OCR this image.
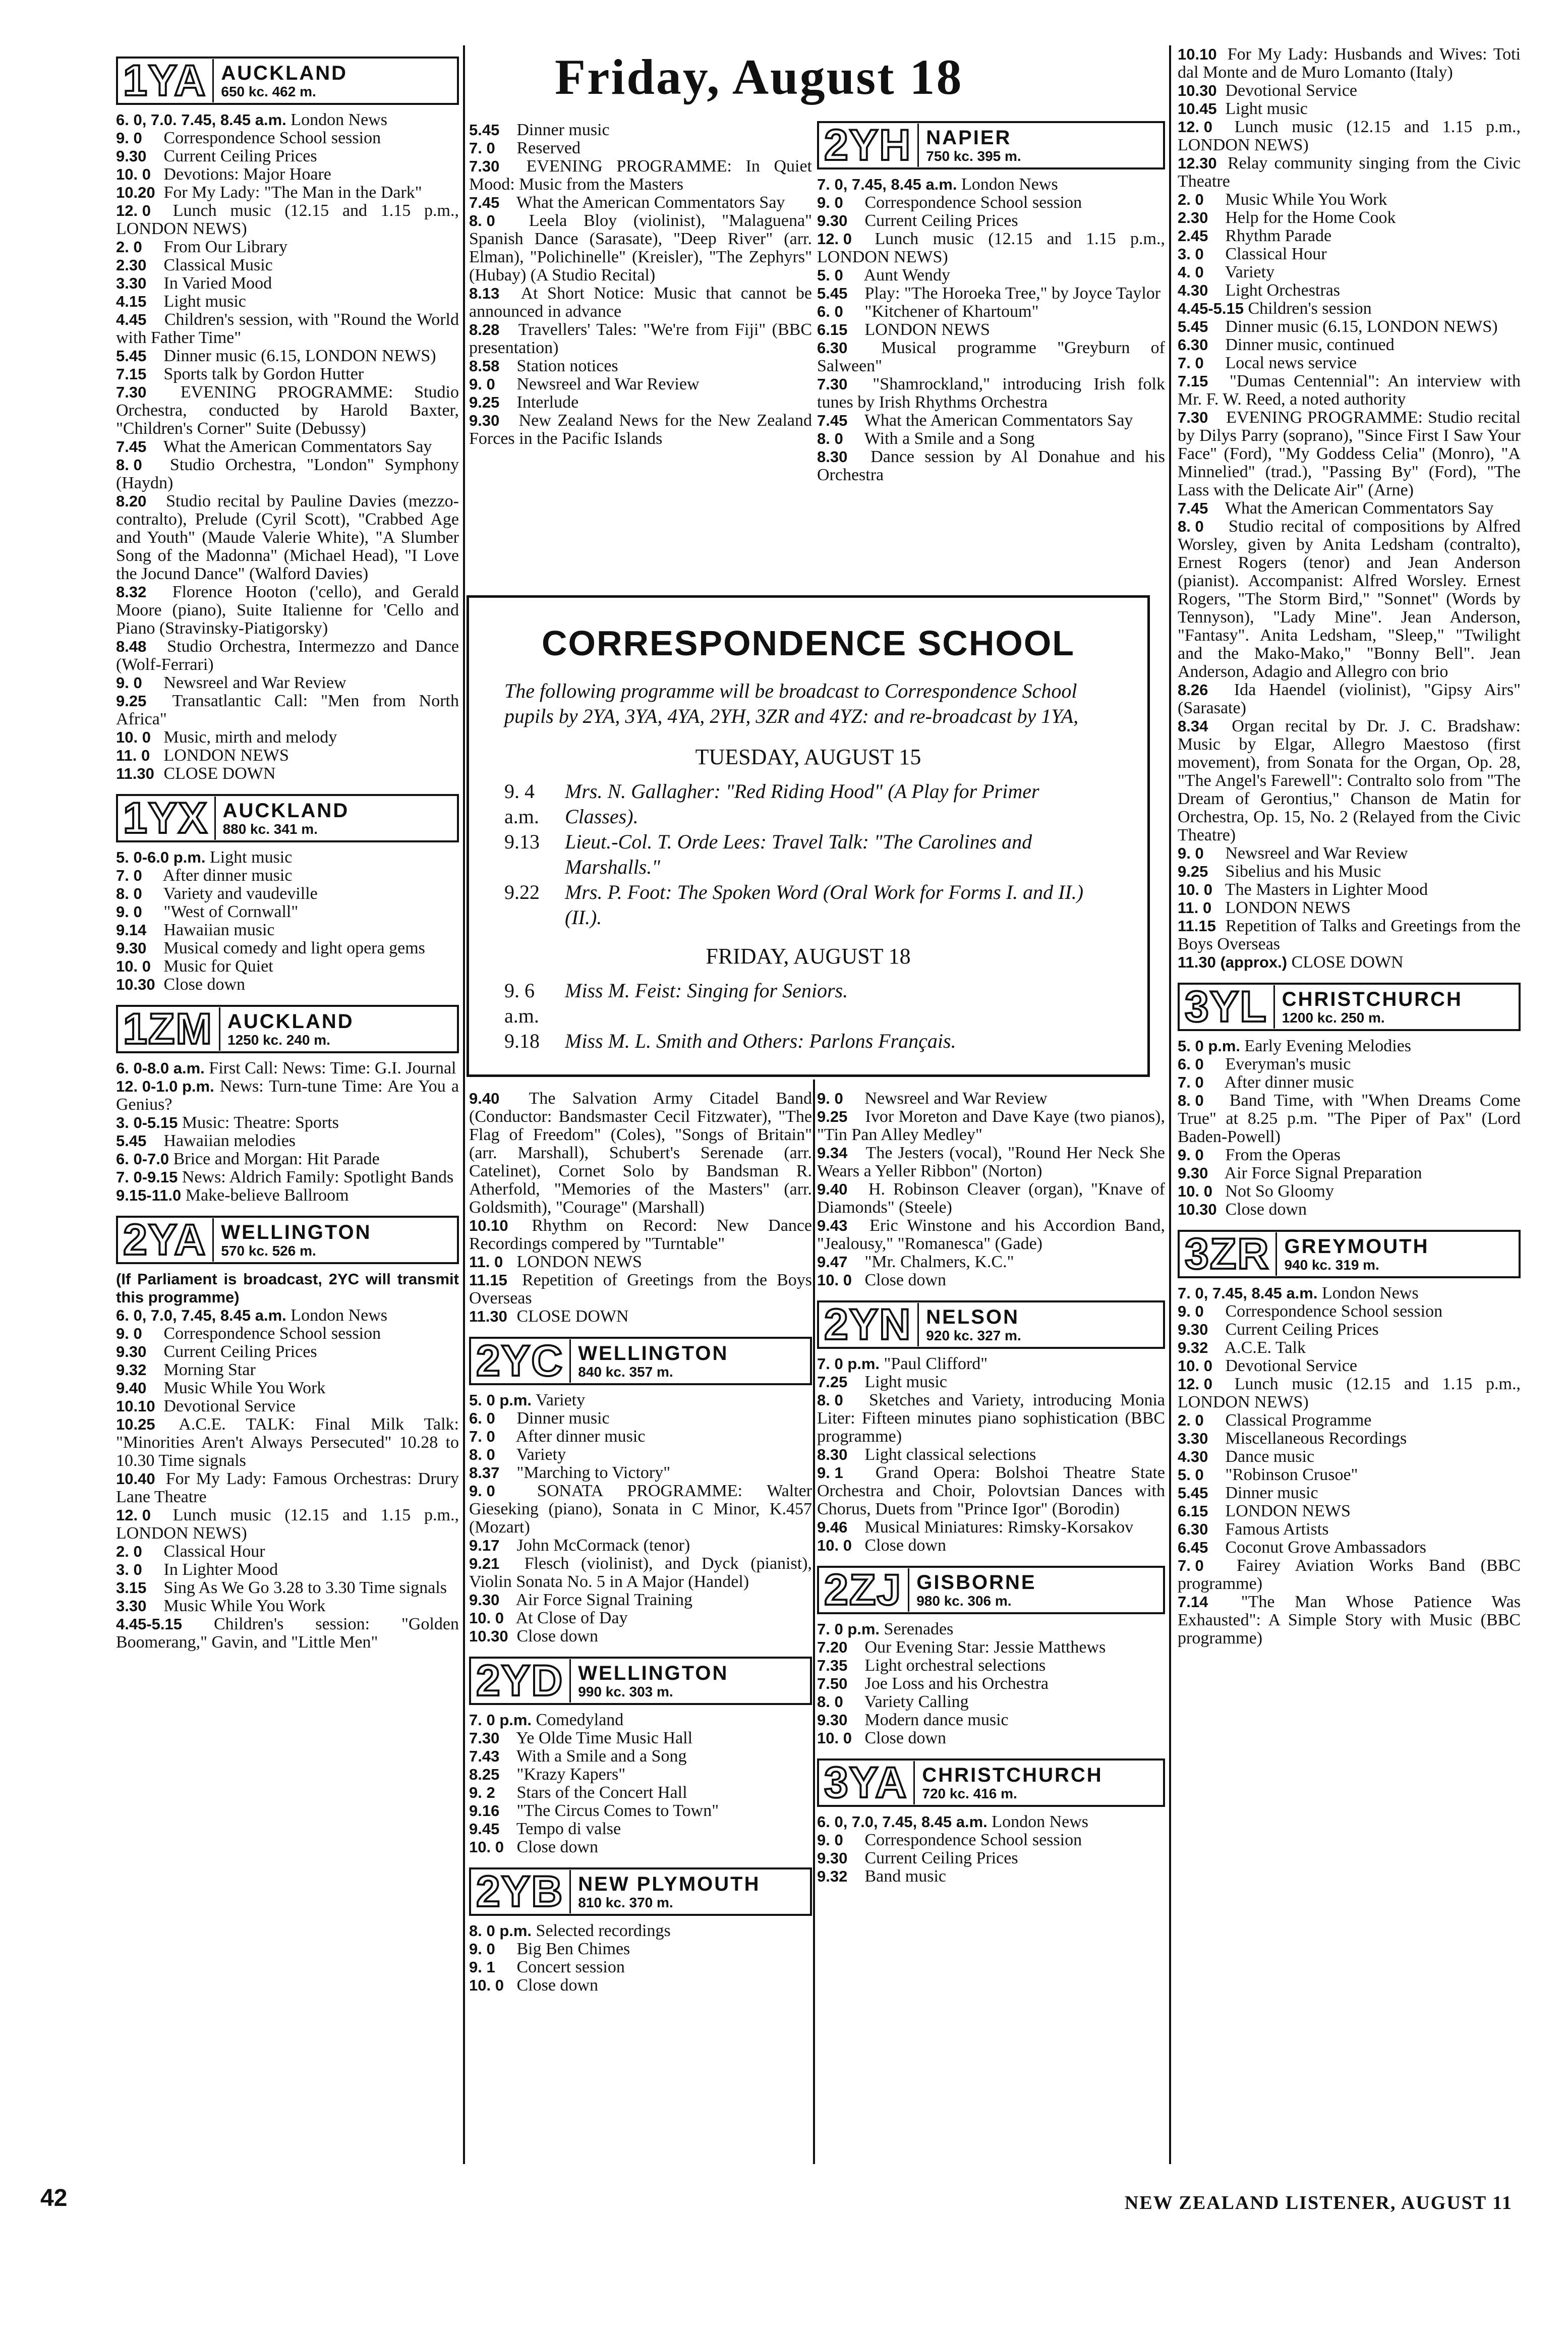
Friday, August 18
1YA AUCKLAND
650 kc. 462 m.

6. 0, 7.0. 7.45, 8.45 a.m. London News

9. 0 Correspondence School session

9.30 Current Ceiling Prices

10. 0 Devotions: Major Hoare

10.20 For My Lady: "The Man in the Dark"

12. 0 Lunch music (12.15 and 1.15 p.m., LONDON NEWS)

2. 0 From Our Library

2.30 Classical Music

3.30 In Varied Mood

4.15 Light music

4.45 Children's session, with "Round the World with Father Time"

5.45 Dinner music (6.15, LONDON NEWS)

7.15 Sports talk by Gordon Hutter

7.30 EVENING PROGRAMME: Studio Orchestra, conducted by Harold Baxter, "Children's Corner" Suite (Debussy)

7.45 What the American Commentators Say

8. 0 Studio Orchestra, "London" Symphony (Haydn)

8.20 Studio recital by Pauline Davies (mezzo-contralto), Prelude (Cyril Scott), "Crabbed Age and Youth" (Maude Valerie White), "A Slumber Song of the Madonna" (Michael Head), "I Love the Jocund Dance" (Walford Davies)

8.32 Florence Hooton ('cello), and Gerald Moore (piano), Suite Italienne for 'Cello and Piano (Stravinsky-Piatigorsky)

8.48 Studio Orchestra, Intermezzo and Dance (Wolf-Ferrari)

9. 0 Newsreel and War Review

9.25 Transatlantic Call: "Men from North Africa"

10. 0 Music, mirth and melody

11. 0 LONDON NEWS

11.30 CLOSE DOWN

1YX AUCKLAND
880 kc. 341 m.

5. 0-6.0 p.m. Light music

7. 0 After dinner music

8. 0 Variety and vaudeville

9. 0 "West of Cornwall"

9.14 Hawaiian music

9.30 Musical comedy and light opera gems

10. 0 Music for Quiet

10.30 Close down

1ZM AUCKLAND
1250 kc. 240 m.

6. 0-8.0 a.m. First Call: News: Time: G.I. Journal

12. 0-1.0 p.m. News: Turn-tune Time: Are You a Genius?

3. 0-5.15 Music: Theatre: Sports

5.45 Hawaiian melodies

6. 0-7.0 Brice and Morgan: Hit Parade

7. 0-9.15 News: Aldrich Family: Spotlight Bands

9.15-11.0 Make-believe Ballroom

2YA WELLINGTON
570 kc. 526 m.

(If Parliament is broadcast, 2YC will transmit this programme)

6. 0, 7.0, 7.45, 8.45 a.m. London News

9. 0 Correspondence School session

9.30 Current Ceiling Prices

9.32 Morning Star

9.40 Music While You Work

10.10 Devotional Service

10.25 A.C.E. TALK: Final Milk Talk: "Minorities Aren't Always Persecuted" 10.28 to 10.30 Time signals

10.40 For My Lady: Famous Orchestras: Drury Lane Theatre

12. 0 Lunch music (12.15 and 1.15 p.m., LONDON NEWS)

2. 0 Classical Hour

3. 0 In Lighter Mood

3.15 Sing As We Go 3.28 to 3.30 Time signals

3.30 Music While You Work

4.45-5.15 Children's session: "Golden Boomerang," Gavin, and "Little Men"

5.45 Dinner music

7. 0 Reserved

7.30 EVENING PROGRAMME: In Quiet Mood: Music from the Masters

7.45 What the American Commentators Say

8. 0 Leela Bloy (violinist), "Malaguena" Spanish Dance (Sarasate), "Deep River" (arr. Elman), "Polichinelle" (Kreisler), "The Zephyrs" (Hubay) (A Studio Recital)

8.13 At Short Notice: Music that cannot be announced in advance

8.28 Travellers' Tales: "We're from Fiji" (BBC presentation)

8.58 Station notices

9. 0 Newsreel and War Review

9.25 Interlude

9.30 New Zealand News for the New Zealand Forces in the Pacific Islands

2YH NAPIER
750 kc. 395 m.

7. 0, 7.45, 8.45 a.m. London News

9. 0 Correspondence School session

9.30 Current Ceiling Prices

12. 0 Lunch music (12.15 and 1.15 p.m., LONDON NEWS)

5. 0 Aunt Wendy

5.45 Play: "The Horoeka Tree," by Joyce Taylor

6. 0 "Kitchener of Khartoum"

6.15 LONDON NEWS

6.30 Musical programme "Greyburn of Salween"

7.30 "Shamrockland," introducing Irish folk tunes by Irish Rhythms Orchestra

7.45 What the American Commentators Say

8. 0 With a Smile and a Song

8.30 Dance session by Al Donahue and his Orchestra

CORRESPONDENCE SCHOOL

The following programme will be broadcast to Correspondence School pupils by 2YA, 3YA, 4YA, 2YH, 3ZR and 4YZ: and re-broadcast by 1YA,

TUESDAY, AUGUST 15

9. 4 a.m.
Mrs. N. Gallagher: "Red Riding Hood" (A Play for Primer Classes).
9.13	Lieut.-Col. T. Orde Lees: Travel Talk: "The Carolines and Marshalls."
9.22	Mrs. P. Foot: The Spoken Word (Oral Work for Forms I. and II.) (II.).

FRIDAY, AUGUST 18

9. 6 a.m.
Miss M. Feist: Singing for Seniors.
9.18	Miss M. L. Smith and Others: Parlons Français.

9.40 The Salvation Army Citadel Band (Conductor: Bandsmaster Cecil Fitzwater), "The Flag of Freedom" (Coles), "Songs of Britain" (arr. Marshall), Schubert's Serenade (arr. Catelinet), Cornet Solo by Bandsman R. Atherfold, "Memories of the Masters" (arr. Goldsmith), "Courage" (Marshall)

10.10 Rhythm on Record: New Dance Recordings compered by "Turntable"

11. 0 LONDON NEWS

11.15 Repetition of Greetings from the Boys Overseas

11.30 CLOSE DOWN

2YC WELLINGTON
840 kc. 357 m.

5. 0 p.m. Variety

6. 0 Dinner music

7. 0 After dinner music

8. 0 Variety

8.37 "Marching to Victory"

9. 0 SONATA PROGRAMME: Walter Gieseking (piano), Sonata in C Minor, K.457 (Mozart)

9.17 John McCormack (tenor)

9.21 Flesch (violinist), and Dyck (pianist), Violin Sonata No. 5 in A Major (Handel)

9.30 Air Force Signal Training

10. 0 At Close of Day

10.30 Close down

2YD WELLINGTON
990 kc. 303 m.

7. 0 p.m. Comedyland

7.30 Ye Olde Time Music Hall

7.43 With a Smile and a Song

8.25 "Krazy Kapers"

9. 2 Stars of the Concert Hall

9.16 "The Circus Comes to Town"

9.45 Tempo di valse

10. 0 Close down

2YB NEW PLYMOUTH
810 kc. 370 m.

8. 0 p.m. Selected recordings

9. 0 Big Ben Chimes

9. 1 Concert session

10. 0 Close down

9. 0 Newsreel and War Review

9.25 Ivor Moreton and Dave Kaye (two pianos), "Tin Pan Alley Medley"

9.34 The Jesters (vocal), "Round Her Neck She Wears a Yeller Ribbon" (Norton)

9.40 H. Robinson Cleaver (organ), "Knave of Diamonds" (Steele)

9.43 Eric Winstone and his Accordion Band, "Jealousy," "Romanesca" (Gade)

9.47 "Mr. Chalmers, K.C."

10. 0 Close down

2YN NELSON
920 kc. 327 m.

7. 0 p.m. "Paul Clifford"

7.25 Light music

8. 0 Sketches and Variety, introducing Monia Liter: Fifteen minutes piano sophistication (BBC programme)

8.30 Light classical selections

9. 1 Grand Opera: Bolshoi Theatre State Orchestra and Choir, Polovtsian Dances with Chorus, Duets from "Prince Igor" (Borodin)

9.46 Musical Miniatures: Rimsky-Korsakov

10. 0 Close down

2ZJ GISBORNE
980 kc. 306 m.

7. 0 p.m. Serenades

7.20 Our Evening Star: Jessie Matthews

7.35 Light orchestral selections

7.50 Joe Loss and his Orchestra

8. 0 Variety Calling

9.30 Modern dance music

10. 0 Close down

3YA CHRISTCHURCH
720 kc. 416 m.

6. 0, 7.0, 7.45, 8.45 a.m. London News

9. 0 Correspondence School session

9.30 Current Ceiling Prices

9.32 Band music

10.10 For My Lady: Husbands and Wives: Toti dal Monte and de Muro Lomanto (Italy)

10.30 Devotional Service

10.45 Light music

12. 0 Lunch music (12.15 and 1.15 p.m., LONDON NEWS)

12.30 Relay community singing from the Civic Theatre

2. 0 Music While You Work

2.30 Help for the Home Cook

2.45 Rhythm Parade

3. 0 Classical Hour

4. 0 Variety

4.30 Light Orchestras

4.45-5.15 Children's session

5.45 Dinner music (6.15, LONDON NEWS)

6.30 Dinner music, continued

7. 0 Local news service

7.15 "Dumas Centennial": An interview with Mr. F. W. Reed, a noted authority

7.30 EVENING PROGRAMME: Studio recital by Dilys Parry (soprano), "Since First I Saw Your Face" (Ford), "My Goddess Celia" (Monro), "A Minnelied" (trad.), "Passing By" (Ford), "The Lass with the Delicate Air" (Arne)

7.45 What the American Commentators Say

8. 0 Studio recital of compositions by Alfred Worsley, given by Anita Ledsham (contralto), Ernest Rogers (tenor) and Jean Anderson (pianist). Accompanist: Alfred Worsley. Ernest Rogers, "The Storm Bird," "Sonnet" (Words by Tennyson), "Lady Mine". Jean Anderson, "Fantasy". Anita Ledsham, "Sleep," "Twilight and the Mako-Mako," "Bonny Bell". Jean Anderson, Adagio and Allegro con brio

8.26 Ida Haendel (violinist), "Gipsy Airs" (Sarasate)

8.34 Organ recital by Dr. J. C. Bradshaw: Music by Elgar, Allegro Maestoso (first movement), from Sonata for the Organ, Op. 28, "The Angel's Farewell": Contralto solo from "The Dream of Gerontius," Chanson de Matin for Orchestra, Op. 15, No. 2 (Relayed from the Civic Theatre)

9. 0 Newsreel and War Review

9.25 Sibelius and his Music

10. 0 The Masters in Lighter Mood

11. 0 LONDON NEWS

11.15 Repetition of Talks and Greetings from the Boys Overseas

11.30 (approx.) CLOSE DOWN

3YL CHRISTCHURCH
1200 kc. 250 m.

5. 0 p.m. Early Evening Melodies

6. 0 Everyman's music

7. 0 After dinner music

8. 0 Band Time, with "When Dreams Come True" at 8.25 p.m. "The Piper of Pax" (Lord Baden-Powell)

9. 0 From the Operas

9.30 Air Force Signal Preparation

10. 0 Not So Gloomy

10.30 Close down

3ZR GREYMOUTH
940 kc. 319 m.

7. 0, 7.45, 8.45 a.m. London News

9. 0 Correspondence School session

9.30 Current Ceiling Prices

9.32 A.C.E. Talk

10. 0 Devotional Service

12. 0 Lunch music (12.15 and 1.15 p.m., LONDON NEWS)

2. 0 Classical Programme

3.30 Miscellaneous Recordings

4.30 Dance music

5. 0 "Robinson Crusoe"

5.45 Dinner music

6.15 LONDON NEWS

6.30 Famous Artists

6.45 Coconut Grove Ambassadors

7. 0 Fairey Aviation Works Band (BBC programme)

7.14 "The Man Whose Patience Was Exhausted": A Simple Story with Music (BBC programme)

42	NEW ZEALAND LISTENER, AUGUST 11
